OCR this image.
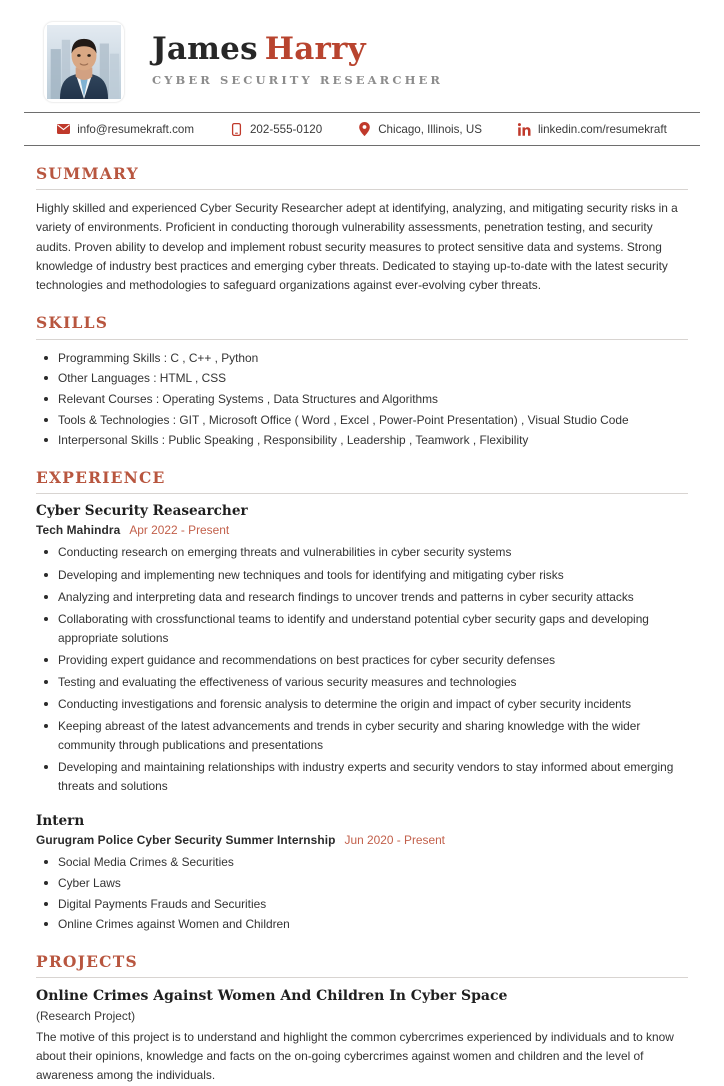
James Harry
CYBER SECURITY RESEARCHER
info@resumekraft.com	202-555-0120	Chicago, Illinois, US	linkedin.com/resumekraft
SUMMARY
Highly skilled and experienced Cyber Security Researcher adept at identifying, analyzing, and mitigating security risks in a variety of environments. Proficient in conducting thorough vulnerability assessments, penetration testing, and security audits. Proven ability to develop and implement robust security measures to protect sensitive data and systems. Strong knowledge of industry best practices and emerging cyber threats. Dedicated to staying up-to-date with the latest security technologies and methodologies to safeguard organizations against ever-evolving cyber threats.
SKILLS
Programming Skills : C , C++ , Python
Other Languages : HTML , CSS
Relevant Courses : Operating Systems , Data Structures and Algorithms
Tools & Technologies : GIT , Microsoft Office ( Word , Excel , Power-Point Presentation) , Visual Studio Code
Interpersonal Skills : Public Speaking , Responsibility , Leadership , Teamwork , Flexibility
EXPERIENCE
Cyber Security Reasearcher
Tech Mahindra Apr 2022 - Present
Conducting research on emerging threats and vulnerabilities in cyber security systems
Developing and implementing new techniques and tools for identifying and mitigating cyber risks
Analyzing and interpreting data and research findings to uncover trends and patterns in cyber security attacks
Collaborating with crossfunctional teams to identify and understand potential cyber security gaps and developing appropriate solutions
Providing expert guidance and recommendations on best practices for cyber security defenses
Testing and evaluating the effectiveness of various security measures and technologies
Conducting investigations and forensic analysis to determine the origin and impact of cyber security incidents
Keeping abreast of the latest advancements and trends in cyber security and sharing knowledge with the wider community through publications and presentations
Developing and maintaining relationships with industry experts and security vendors to stay informed about emerging threats and solutions
Intern
Gurugram Police Cyber Security Summer Internship Jun 2020 - Present
Social Media Crimes & Securities
Cyber Laws
Digital Payments Frauds and Securities
Online Crimes against Women and Children
PROJECTS
Online Crimes Against Women And Children In Cyber Space
(Research Project)
The motive of this project is to understand and highlight the common cybercrimes experienced by individuals and to know about their opinions, knowledge and facts on the on-going cybercrimes against women and children and the level of awareness among the individuals.
